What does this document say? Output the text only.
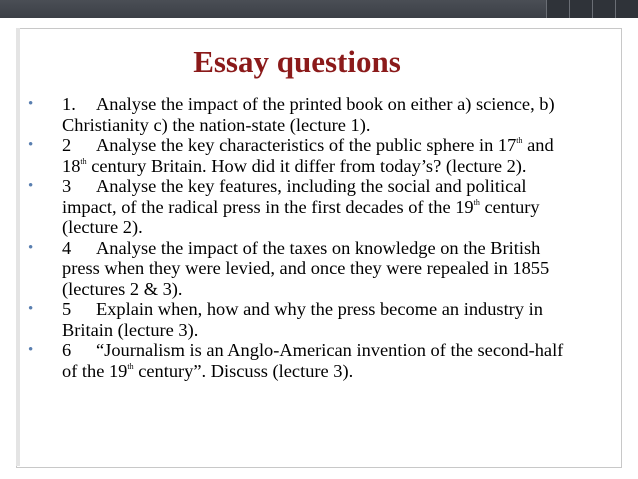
Essay questions
• 1. Analyse the impact of the printed book on either a) science, b) Christianity c) the nation-state (lecture 1).
• 2 Analyse the key characteristics of the public sphere in 17th and 18th century Britain. How did it differ from today’s? (lecture 2).
• 3 Analyse the key features, including the social and political impact, of the radical press in the first decades of the 19th century (lecture 2).
• 4 Analyse the impact of the taxes on knowledge on the British press when they were levied, and once they were repealed in 1855 (lectures 2 & 3).
• 5 Explain when, how and why the press become an industry in Britain (lecture 3).
• 6 “Journalism is an Anglo-American invention of the second-half of the 19th century”. Discuss (lecture 3).
